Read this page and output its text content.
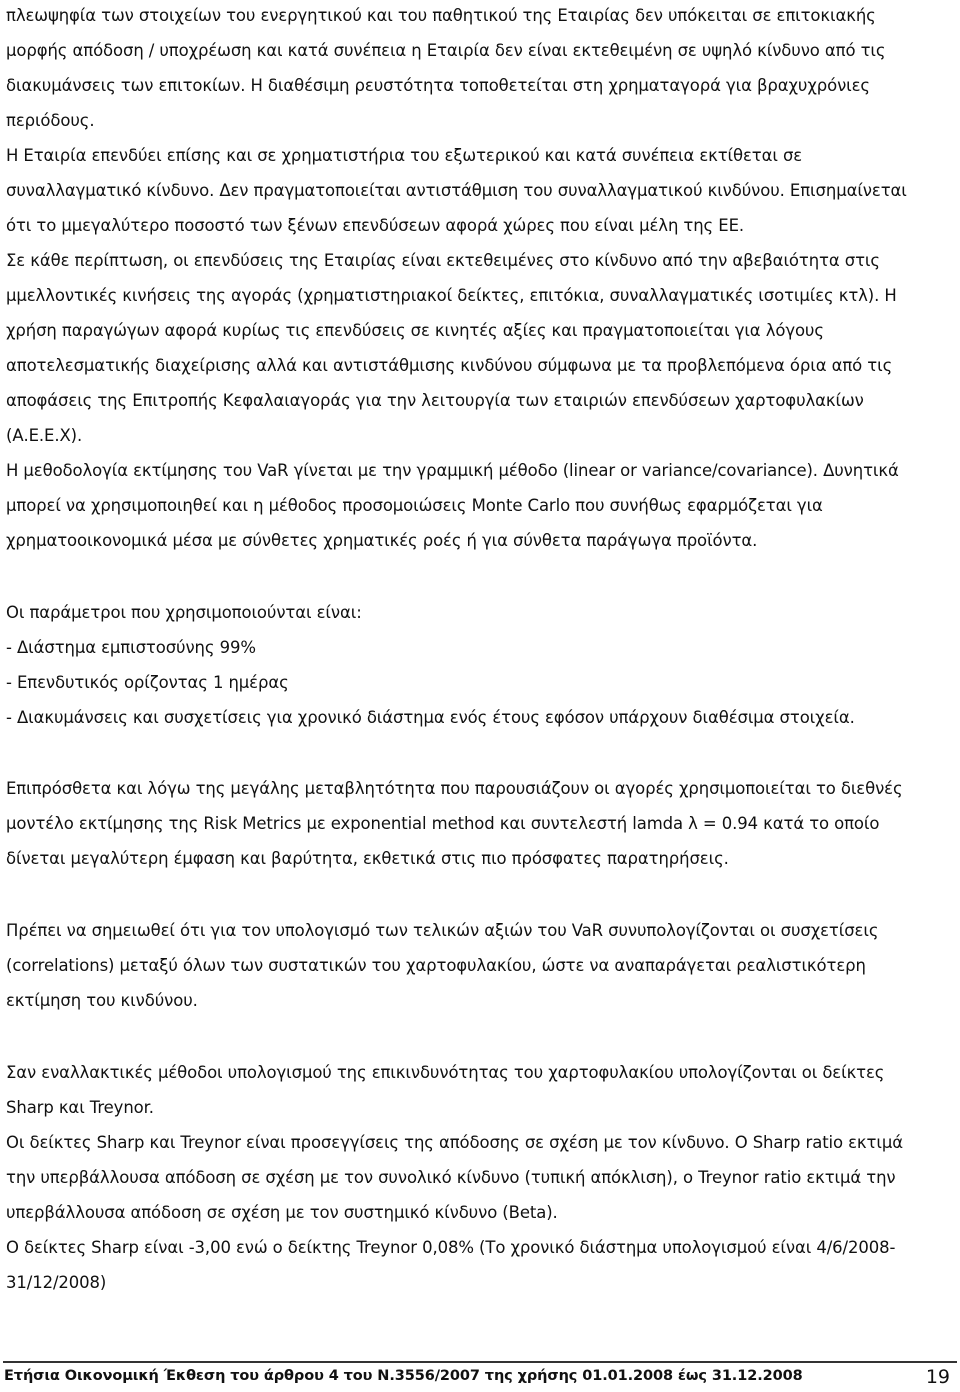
πλεωψηφία των στοιχείων του ενεργητικού και του παθητικού της Εταιρίας δεν υπόκειται σε επιτοκιακής
μορφής απόδοση / υποχρέωση και κατά συνέπεια η Εταιρία δεν είναι εκτεθειμένη σε υψηλό κίνδυνο από τις
διακυμάνσεις των επιτοκίων. Η διαθέσιμη ρευστότητα τοποθετείται στη χρηματαγορά για βραχυχρόνιες
περιόδους.
Η Εταιρία επενδύει επίσης και σε χρηματιστήρια του εξωτερικού και κατά συνέπεια εκτίθεται σε
συναλλαγματικό κίνδυνο. Δεν πραγματοποιείται αντιστάθμιση του συναλλαγματικού κινδύνου. Επισημαίνεται
ότι το μμεγαλύτερο ποσοστό των ξένων επενδύσεων αφορά χώρες που είναι μέλη της ΕΕ.
Σε κάθε περίπτωση, οι επενδύσεις της Εταιρίας είναι εκτεθειμένες στο κίνδυνο από την αβεβαιότητα στις
μμελλοντικές κινήσεις της αγοράς (χρηματιστηριακοί δείκτες, επιτόκια, συναλλαγματικές ισοτιμίες κτλ). Η
χρήση παραγώγων αφορά κυρίως τις επενδύσεις σε κινητές αξίες και πραγματοποιείται για λόγους
αποτελεσματικής διαχείρισης αλλά και αντιστάθμισης κινδύνου σύμφωνα με τα προβλεπόμενα όρια από τις
αποφάσεις της Επιτροπής Κεφαλαιαγοράς για την λειτουργία των εταιριών επενδύσεων χαρτοφυλακίων
(Α.Ε.Ε.Χ).
Η μεθοδολογία εκτίμησης του VaR γίνεται με την γραμμική μέθοδο (linear or variance/covariance). Δυνητικά
μπορεί να χρησιμοποιηθεί και η μέθοδος προσομοιώσεις Monte Carlo που συνήθως εφαρμόζεται για
χρηματοοικονομικά μέσα με σύνθετες χρηματικές ροές ή για σύνθετα παράγωγα προϊόντα.
Οι παράμετροι που χρησιμοποιούνται είναι:
- Διάστημα εμπιστοσύνης 99%
- Επενδυτικός ορίζοντας 1 ημέρας
- Διακυμάνσεις και συσχετίσεις για χρονικό διάστημα ενός έτους εφόσον υπάρχουν διαθέσιμα στοιχεία.
Επιπρόσθετα και λόγω της μεγάλης μεταβλητότητα που παρουσιάζουν οι αγορές χρησιμοποιείται το διεθνές
μοντέλο εκτίμησης της Risk Metrics με exponential method και συντελεστή lamda λ = 0.94 κατά το οποίο
δίνεται μεγαλύτερη έμφαση και βαρύτητα, εκθετικά στις πιο πρόσφατες παρατηρήσεις.
Πρέπει να σημειωθεί ότι για τον υπολογισμό των τελικών αξιών του VaR συνυπολογίζονται οι συσχετίσεις
(correlations) μεταξύ όλων των συστατικών του χαρτοφυλακίου, ώστε να αναπαράγεται ρεαλιστικότερη
εκτίμηση του κινδύνου.
Σαν εναλλακτικές μέθοδοι υπολογισμού της επικινδυνότητας του χαρτοφυλακίου υπολογίζονται οι δείκτες
Sharp και Treynor.
Οι δείκτες Sharp και Treynor είναι προσεγγίσεις της απόδοσης σε σχέση με τον κίνδυνο. Ο Sharp ratio εκτιμά
την υπερβάλλουσα απόδοση σε σχέση με τον συνολικό κίνδυνο (τυπική απόκλιση), ο Treynor ratio εκτιμά την
υπερβάλλουσα απόδοση σε σχέση με τον συστημικό κίνδυνο (Beta).
Ο δείκτες Sharp είναι -3,00 ενώ ο δείκτης Treynor 0,08% (Το χρονικό διάστημα υπολογισμού είναι 4/6/2008-
31/12/2008)
Ετήσια Οικονομική Έκθεση του άρθρου 4 του Ν.3556/2007 της χρήσης 01.01.2008 έως 31.12.2008	19
